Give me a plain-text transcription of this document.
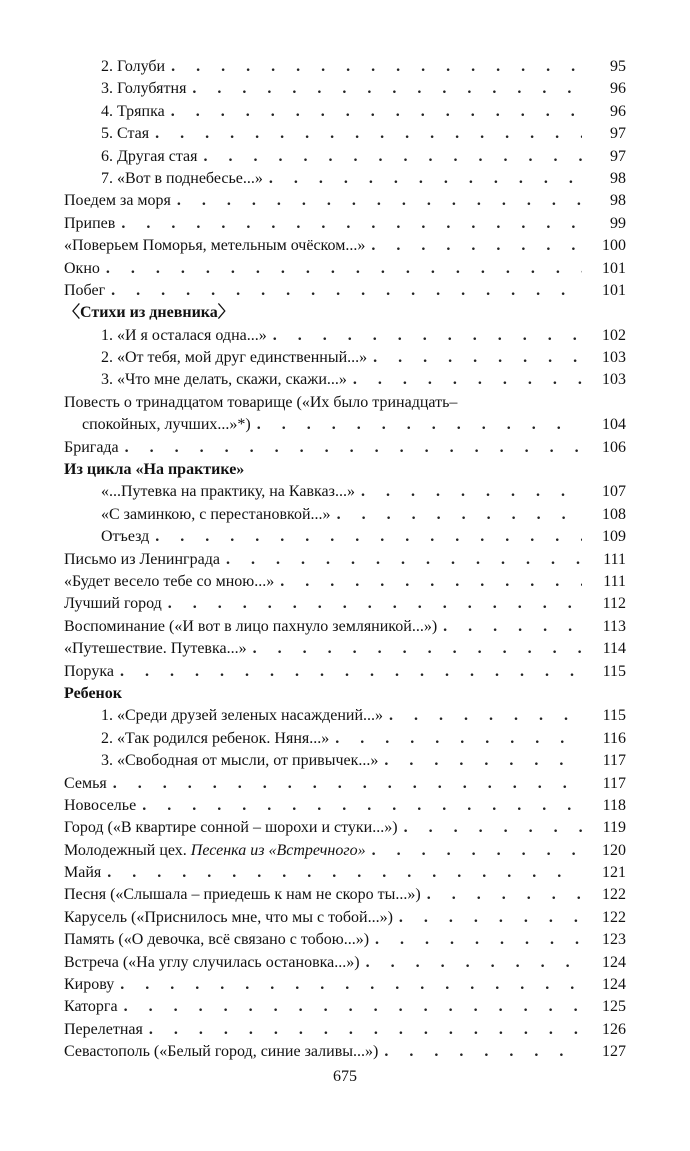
2. Голуби . . .	95
3. Голубятня . . .	96
4. Тряпка . . .	96
5. Стая . . .	97
6. Другая стая . . .	97
7. «Вот в поднебесье...» . . .	98
Поедем за моря . . .	98
Припев . . .	99
«Поверьем Поморья, метельным очёском...» . . .	100
Окно . . .	101
Побег . . .	101
〈Стихи из дневника〉
1. «И я осталася одна...» . . .	102
2. «От тебя, мой друг единственный...» . . .	103
3. «Что мне делать, скажи, скажи...» . . .	103
Повесть о тринадцатом товарище («Их было тринадцать–
спокойных, лучших...»*) . . .	104
Бригада . . .	106
Из цикла «На практике»
«...Путевка на практику, на Кавказ...» . . .	107
«С заминкою, с перестановкой...» . . .	108
Отъезд . . .	109
Письмо из Ленинграда . . .	111
«Будет весело тебе со мною...» . . .	111
Лучший город . . .	112
Воспоминание («И вот в лицо пахнуло земляникой...») . . .	113
«Путешествие. Путевка...» . . .	114
Порука . . .	115
Ребенок
1. «Среди друзей зеленых насаждений...» . . .	115
2. «Так родился ребенок. Няня...» . . .	116
3. «Свободная от мысли, от привычек...» . . .	117
Семья . . .	117
Новоселье . . .	118
Город («В квартире сонной – шорохи и стуки...») . . .	119
Молодежный цех. Песенка из «Встречного» . . .	120
Майя . . .	121
Песня («Слышала – приедешь к нам не скоро ты...») . . .	122
Карусель («Приснилось мне, что мы с тобой...») . . .	122
Память («О девочка, всё связано с тобою...») . . .	123
Встреча («На углу случилась остановка...») . . .	124
Кирову . . .	124
Каторга . . .	125
Перелетная . . .	126
Севастополь («Белый город, синие заливы...») . . .	127
675
